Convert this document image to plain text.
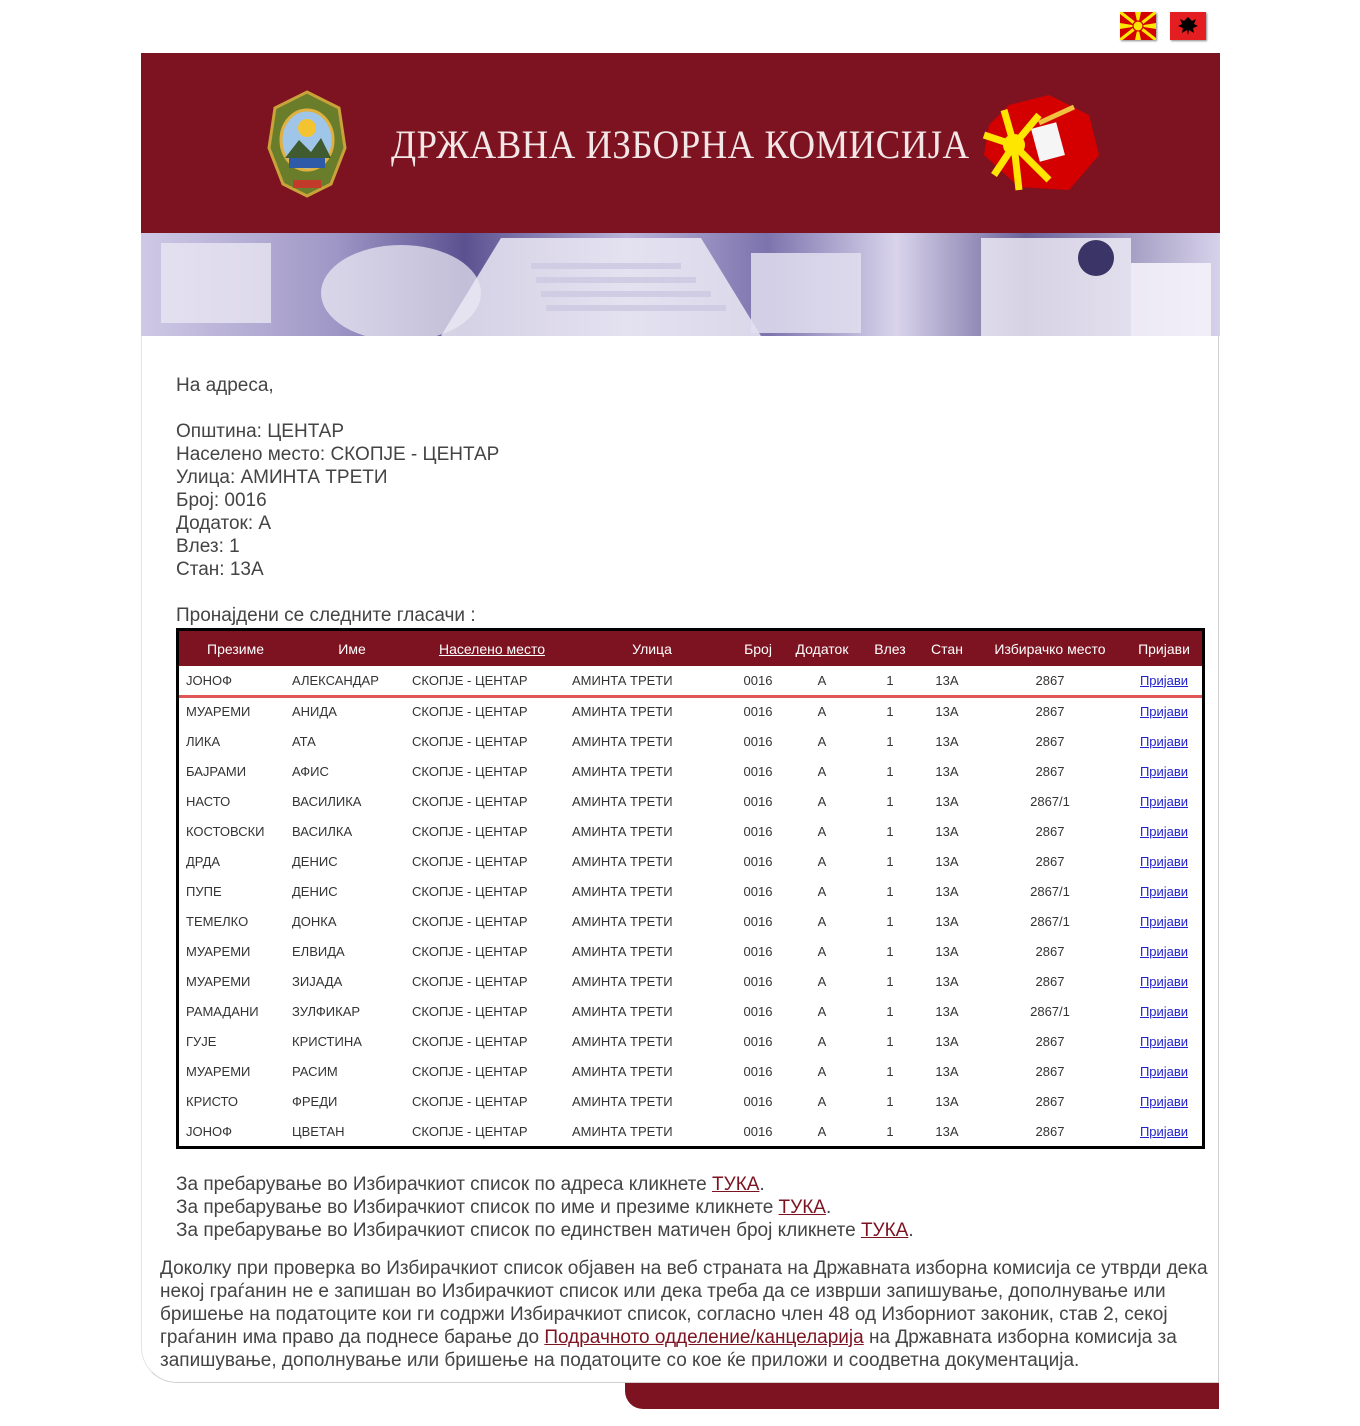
ДРЖАВНА ИЗБОРНА КОМИСИЈА
На адреса,
Општина: ЦЕНТАР
Населено место: СКОПЈЕ - ЦЕНТАР
Улица: АМИНТА ТРЕТИ
Број: 0016
Додаток: А
Влез: 1
Стан: 13А
Пронајдени се следните гласачи :
Презиме	Име	Населено место	Улица	Број	Додаток	Влез	Стан	Избирачко место	Пријави
ЈОНОФ	АЛЕКСАНДАР	СКОПЈЕ - ЦЕНТАР	АМИНТА ТРЕТИ	0016	А	1	13А	2867	Пријави
МУАРЕМИ	АНИДА	СКОПЈЕ - ЦЕНТАР	АМИНТА ТРЕТИ	0016	А	1	13А	2867	Пријави
ЛИКА	АТА	СКОПЈЕ - ЦЕНТАР	АМИНТА ТРЕТИ	0016	А	1	13А	2867	Пријави
БАЈРАМИ	АФИС	СКОПЈЕ - ЦЕНТАР	АМИНТА ТРЕТИ	0016	А	1	13А	2867	Пријави
НАСТО	ВАСИЛИКА	СКОПЈЕ - ЦЕНТАР	АМИНТА ТРЕТИ	0016	А	1	13А	2867/1	Пријави
КОСТОВСКИ	ВАСИЛКА	СКОПЈЕ - ЦЕНТАР	АМИНТА ТРЕТИ	0016	А	1	13А	2867	Пријави
ДРДА	ДЕНИС	СКОПЈЕ - ЦЕНТАР	АМИНТА ТРЕТИ	0016	А	1	13А	2867	Пријави
ПУПЕ	ДЕНИС	СКОПЈЕ - ЦЕНТАР	АМИНТА ТРЕТИ	0016	А	1	13А	2867/1	Пријави
ТЕМЕЛКО	ДОНКА	СКОПЈЕ - ЦЕНТАР	АМИНТА ТРЕТИ	0016	А	1	13А	2867/1	Пријави
МУАРЕМИ	ЕЛВИДА	СКОПЈЕ - ЦЕНТАР	АМИНТА ТРЕТИ	0016	А	1	13А	2867	Пријави
МУАРЕМИ	ЗИЈАДА	СКОПЈЕ - ЦЕНТАР	АМИНТА ТРЕТИ	0016	А	1	13А	2867	Пријави
РАМАДАНИ	ЗУЛФИКАР	СКОПЈЕ - ЦЕНТАР	АМИНТА ТРЕТИ	0016	А	1	13А	2867/1	Пријави
ГУЈЕ	КРИСТИНА	СКОПЈЕ - ЦЕНТАР	АМИНТА ТРЕТИ	0016	А	1	13А	2867	Пријави
МУАРЕМИ	РАСИМ	СКОПЈЕ - ЦЕНТАР	АМИНТА ТРЕТИ	0016	А	1	13А	2867	Пријави
КРИСТО	ФРЕДИ	СКОПЈЕ - ЦЕНТАР	АМИНТА ТРЕТИ	0016	А	1	13А	2867	Пријави
ЈОНОФ	ЦВЕТАН	СКОПЈЕ - ЦЕНТАР	АМИНТА ТРЕТИ	0016	А	1	13А	2867	Пријави
За пребарување во Избирачкиот список по адреса кликнете ТУКА.
За пребарување во Избирачкиот список по име и презиме кликнете ТУКА.
За пребарување во Избирачкиот список по единствен матичен број кликнете ТУКА.
Доколку при проверка во Избирачкиот список објавен на веб страната на Државната изборна комисија се утврди дека некој граѓанин не е запишан во Избирачкиот список или дека треба да се изврши запишување, дополнување или бришење на податоците кои ги содржи Избирачкиот список, согласно член 48 од Изборниот законик, став 2, секој граѓанин има право да поднесе барање до Подрачното одделение/канцеларија на Државната изборна комисија за запишување, дополнување или бришење на податоците со кое ќе приложи и соодветна документација.
